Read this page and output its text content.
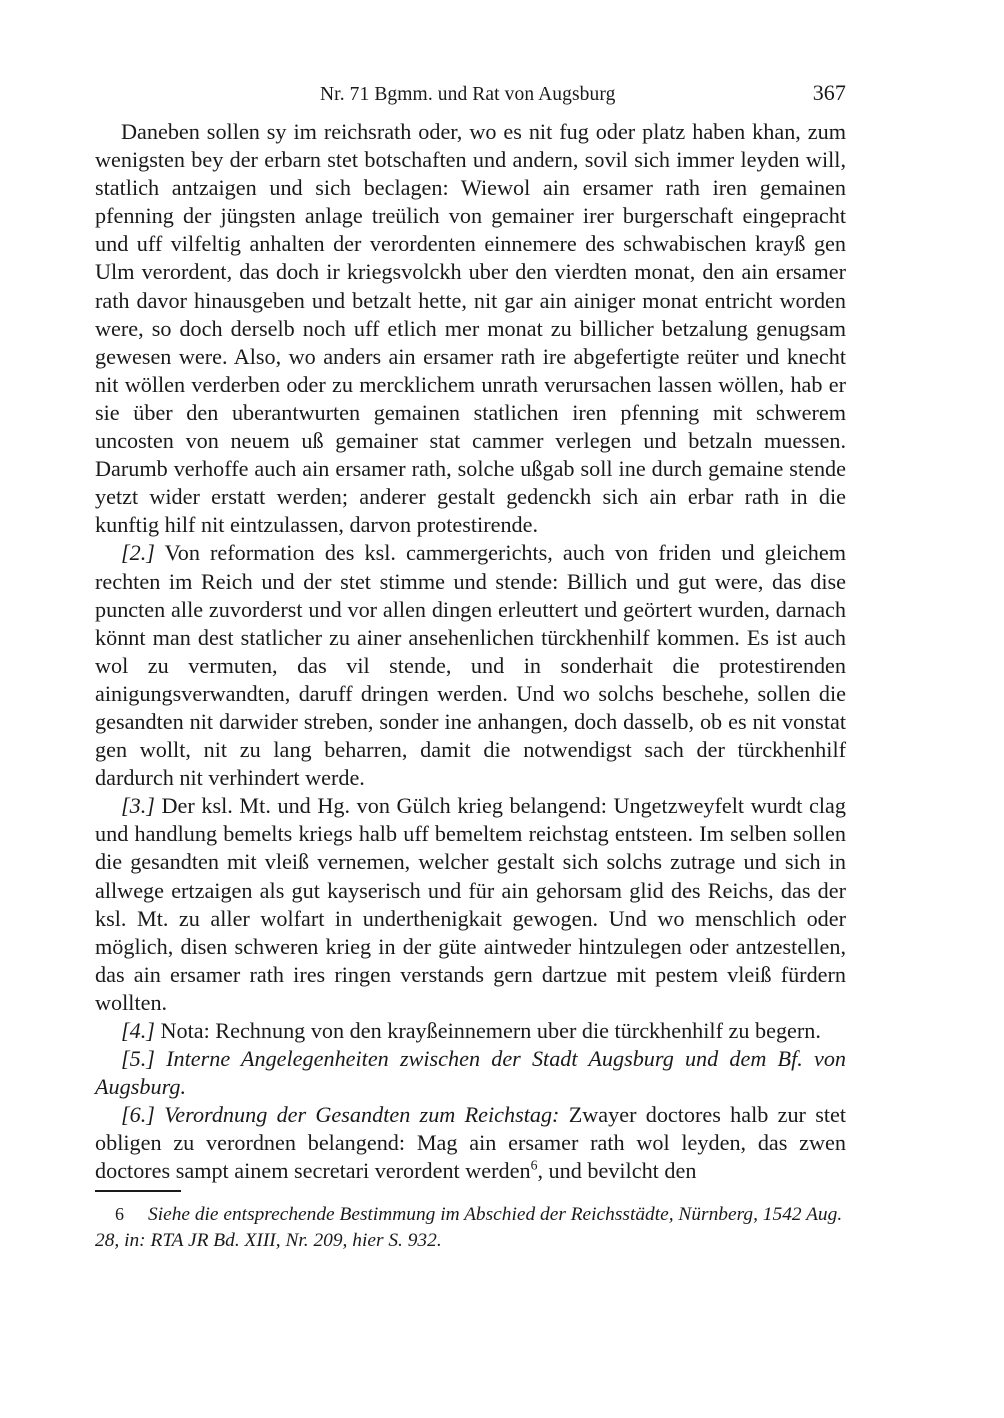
Nr. 71 Bgmm. und Rat von Augsburg	367

Daneben sollen sy im reichsrath oder, wo es nit fug oder platz haben khan, zum wenigsten bey der erbarn stet botschaften und andern, sovil sich immer leyden will, statlich antzaigen und sich beclagen: Wiewol ain ersamer rath iren gemainen pfenning der jüngsten anlage treülich von gemainer irer burgerschaft eingepracht und uff vilfeltig anhalten der verordenten einnemere des schwabischen krayß gen Ulm verordent, das doch ir kriegsvolckh uber den vierdten monat, den ain ersamer rath davor hinausgeben und betzalt hette, nit gar ain ainiger monat entricht worden were, so doch derselb noch uff etlich mer monat zu billicher betzalung genugsam gewesen were. Also, wo anders ain ersamer rath ire abgefertigte reüter und knecht nit wöllen verderben oder zu mercklichem unrath verursachen lassen wöllen, hab er sie über den uberantwurten gemainen statlichen iren pfenning mit schwerem uncosten von neuem uß gemainer stat cammer verlegen und betzaln muessen. Darumb verhoffe auch ain ersamer rath, solche ußgab soll ine durch gemaine stende yetzt wider erstatt werden; anderer gestalt gedenckh sich ain erbar rath in die kunftig hilf nit eintzulassen, darvon protestirende.

[2.] Von reformation des ksl. cammergerichts, auch von friden und gleichem rechten im Reich und der stet stimme und stende: Billich und gut were, das dise puncten alle zuvorderst und vor allen dingen erleuttert und geörtert wurden, darnach könnt man dest statlicher zu ainer ansehenlichen türckhenhilf kommen. Es ist auch wol zu vermuten, das vil stende, und in sonderhait die protestirenden ainigungsverwandten, daruff dringen werden. Und wo solchs beschehe, sollen die gesandten nit darwider streben, sonder ine anhangen, doch dasselb, ob es nit vonstat gen wollt, nit zu lang beharren, damit die notwendigst sach der türckhenhilf dardurch nit verhindert werde.

[3.] Der ksl. Mt. und Hg. von Gülch krieg belangend: Ungetzweyfelt wurdt clag und handlung bemelts kriegs halb uff bemeltem reichstag entsteen. Im selben sollen die gesandten mit vleiß vernemen, welcher gestalt sich solchs zutrage und sich in allwege ertzaigen als gut kayserisch und für ain gehorsam glid des Reichs, das der ksl. Mt. zu aller wolfart in underthenigkait gewogen. Und wo menschlich oder möglich, disen schweren krieg in der güte aintweder hintzulegen oder antzestellen, das ain ersamer rath ires ringen verstands gern dartzue mit pestem vleiß fürdern wollten.

[4.] Nota: Rechnung von den krayßeinnemern uber die türckhenhilf zu begern.

[5.] Interne Angelegenheiten zwischen der Stadt Augsburg und dem Bf. von Augsburg.

[6.] Verordnung der Gesandten zum Reichstag: Zwayer doctores halb zur stet obligen zu verordnen belangend: Mag ain ersamer rath wol leyden, das zwen doctores sampt ainem secretari verordent werden$^6$, und bevilcht den

6 Siehe die entsprechende Bestimmung im Abschied der Reichsstädte, Nürnberg, 1542 Aug. 28, in: RTA JR Bd. XIII, Nr. 209, hier S. 932.
